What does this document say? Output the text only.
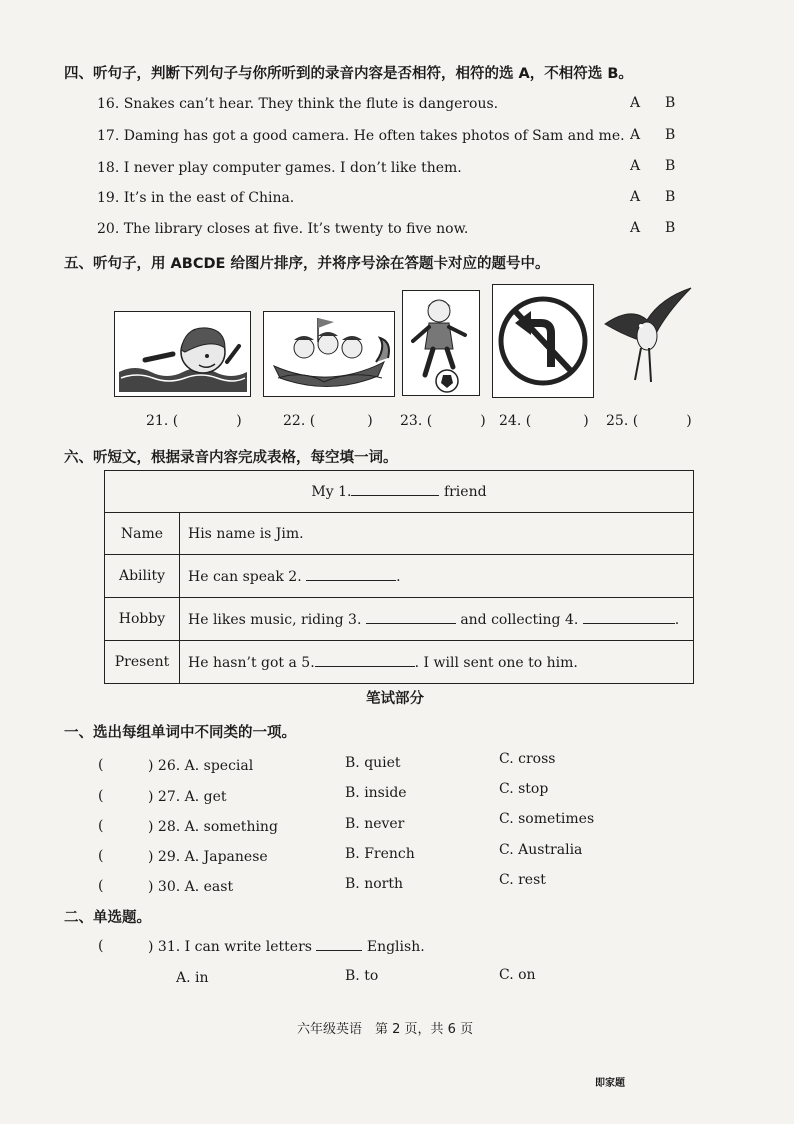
四、听句子，判断下列句子与你所听到的录音内容是否相符，相符的选 A，不相符选 B。
16. Snakes can’t hear. They think the flute is dangerous.	A B
17. Daming has got a good camera. He often takes photos of Sam and me. A B
18. I never play computer games. I don’t like them.	A B
19. It’s in the east of China.	A B
20. The library closes at five. It’s twenty to five now.	A B
五、听句子，用 ABCDE 给图片排序，并将序号涂在答题卡对应的题号中。
21. (	)	22. (	) 23. (	) 24. (	) 25. (	)
六、听短文，根据录音内容完成表格，每空填一词。
My 1. friend	
Name	His name is Jim.
Ability	He can speak 2. .
Hobby	He likes music, riding 3. and collecting 4. .
Present	He hasn’t got a 5. . I will sent one to him.
笔试部分
一、选出每组单词中不同类的一项。
(	) 26. A. special	B. quiet	C. cross
(	) 27. A. get	B. inside	C. stop
(	) 28. A. something	B. never	C. sometimes
(	) 29. A. Japanese	B. French	C. Australia
(	) 30. A. east	B. north	C. rest
二、单选题。
(	) 31. I can write letters	English.
A. in	B. to	C. on
六年级英语　第 2 页，共 6 页
即家题
